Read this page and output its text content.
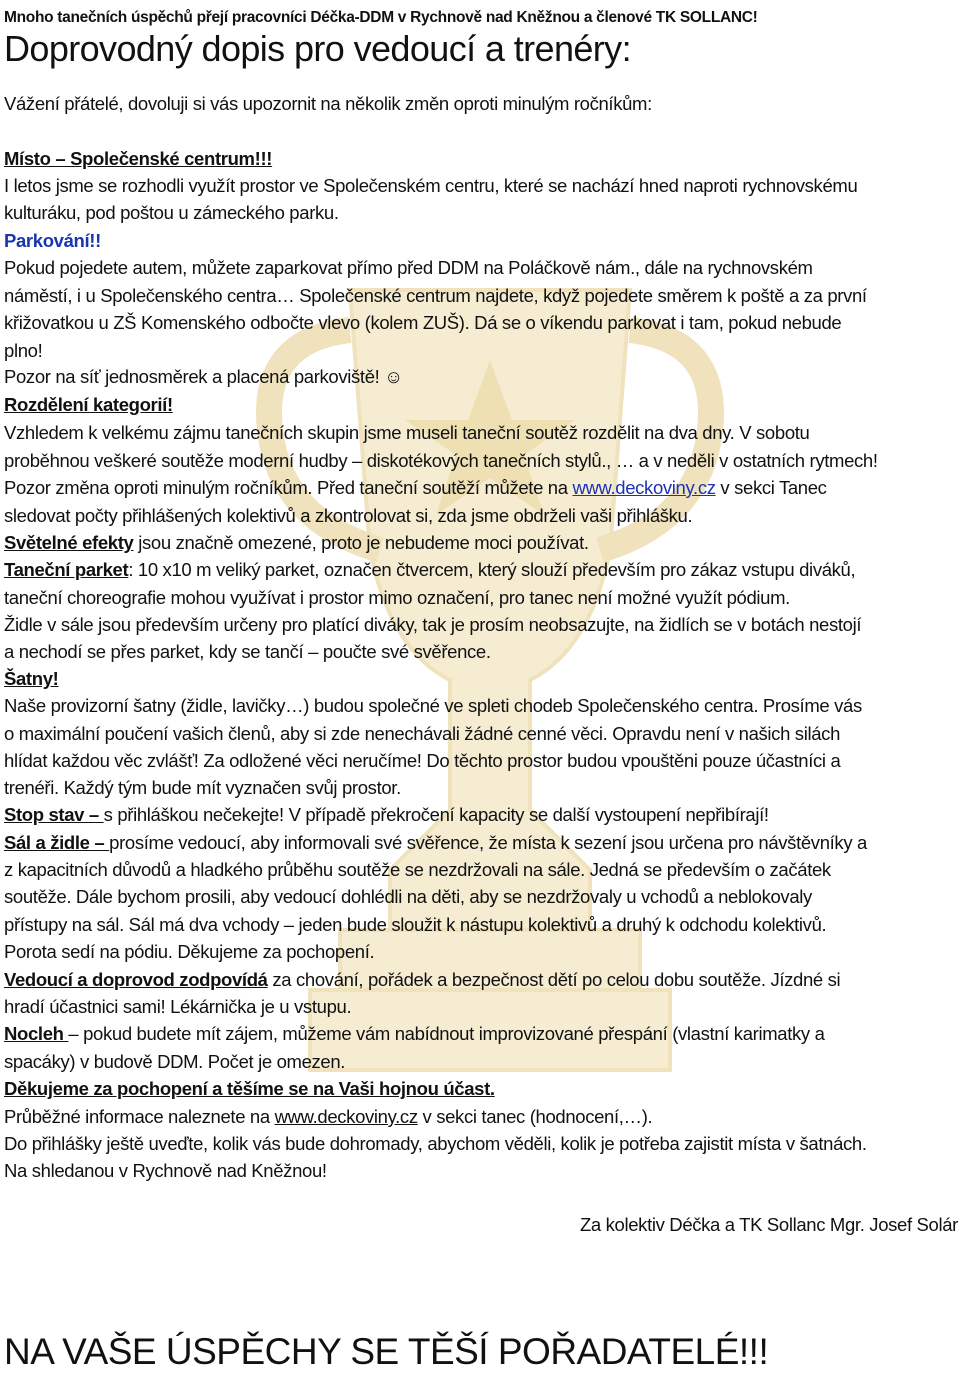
Mnoho tanečních úspěchů přejí pracovníci Déčka-DDM v Rychnově nad Kněžnou a členové TK SOLLANC!
Doprovodný dopis pro vedoucí a trenéry:
Vážení přátelé, dovoluji si vás upozornit na několik změn oproti minulým ročníkům:
Místo – Společenské centrum!!!
I letos jsme se rozhodli využít prostor ve Společenském centru, které se nachází hned naproti rychnovskému
kulturáku, pod poštou u zámeckého parku.
Parkování!!
Pokud pojedete autem, můžete zaparkovat přímo před DDM na Poláčkově nám., dále na rychnovském
náměstí, i u Společenského centra… Společenské centrum najdete, když pojedete směrem k poště a za první
křižovatkou u ZŠ Komenského odbočte vlevo (kolem ZUŠ). Dá se o víkendu parkovat i tam, pokud nebude
plno!
Pozor na síť jednosměrek a placená parkoviště! ☺
Rozdělení kategorií!
Vzhledem k velkému zájmu tanečních skupin jsme museli taneční soutěž rozdělit na dva dny. V sobotu
proběhnou veškeré soutěže moderní hudby – diskotékových tanečních stylů., … a v neděli v ostatních rytmech!
Pozor změna oproti minulým ročníkům. Před taneční soutěží můžete na www.deckoviny.cz v sekci Tanec
sledovat počty přihlášených kolektivů a zkontrolovat si, zda jsme obdrželi vaši přihlášku.
Světelné efekty jsou značně omezené, proto je nebudeme moci používat.
Taneční parket: 10 x10 m veliký parket, označen čtvercem, který slouží především pro zákaz vstupu diváků,
taneční choreografie mohou využívat i prostor mimo označení, pro tanec není možné využít pódium.
Židle v sále jsou především určeny pro platící diváky, tak je prosím neobsazujte, na židlích se v botách nestojí
a nechodí se přes parket, kdy se tančí – poučte své svěřence.
Šatny!
Naše provizorní šatny (židle, lavičky…) budou společné ve spleti chodeb Společenského centra. Prosíme vás
o maximální poučení vašich členů, aby si zde nenechávali žádné cenné věci. Opravdu není v našich silách
hlídat každou věc zvlášť! Za odložené věci neručíme! Do těchto prostor budou vpouštěni pouze účastníci a
trenéři. Každý tým bude mít vyznačen svůj prostor.
Stop stav – s přihláškou nečekejte! V případě překročení kapacity se další vystoupení nepřibírají!
Sál a židle – prosíme vedoucí, aby informovali své svěřence, že místa k sezení jsou určena pro návštěvníky a
z kapacitních důvodů a hladkého průběhu soutěže se nezdržovali na sále. Jedná se především o začátek
soutěže. Dále bychom prosili, aby vedoucí dohlédli na děti, aby se nezdržovaly u vchodů a neblokovaly
přístupy na sál. Sál má dva vchody – jeden bude sloužit k nástupu kolektivů a druhý k odchodu kolektivů.
Porota sedí na pódiu. Děkujeme za pochopení.
Vedoucí a doprovod zodpovídá za chování, pořádek a bezpečnost dětí po celou dobu soutěže. Jízdné si
hradí účastnici sami! Lékárnička je u vstupu.
Nocleh – pokud budete mít zájem, můžeme vám nabídnout improvizované přespání (vlastní karimatky a
spacáky) v budově DDM. Počet je omezen.
Děkujeme za pochopení a těšíme se na Vaši hojnou účast.
Průběžné informace naleznete na www.deckoviny.cz v sekci tanec (hodnocení,…).
Do přihlášky ještě uveďte, kolik vás bude dohromady, abychom věděli, kolik je potřeba zajistit místa v šatnách.
Na shledanou v Rychnově nad Kněžnou!
Za kolektiv Déčka a TK Sollanc Mgr. Josef Solár
NA VAŠE ÚSPĚCHY SE TĚŠÍ POŘADATELÉ!!!
